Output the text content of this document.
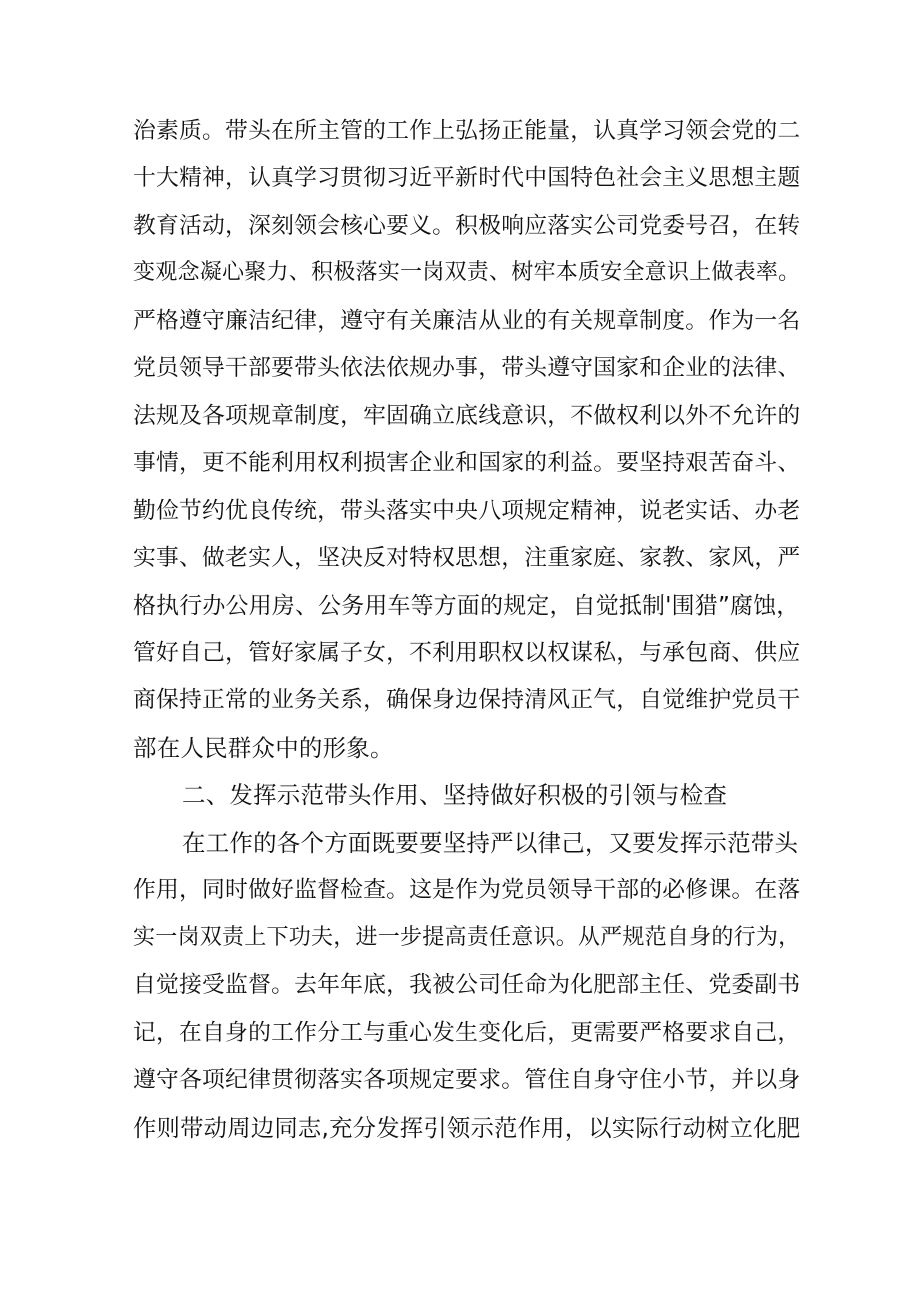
治素质。带头在所主管的工作上弘扬正能量，认真学习领会党的二
十大精神，认真学习贯彻习近平新时代中国特色社会主义思想主题
教育活动，深刻领会核心要义。积极响应落实公司党委号召，在转
变观念凝心聚力、积极落实一岗双责、树牢本质安全意识上做表率。
严格遵守廉洁纪律，遵守有关廉洁从业的有关规章制度。作为一名
党员领导干部要带头依法依规办事，带头遵守国家和企业的法律、
法规及各项规章制度，牢固确立底线意识，不做权利以外不允许的
事情，更不能利用权利损害企业和国家的利益。要坚持艰苦奋斗、
勤俭节约优良传统，带头落实中央八项规定精神，说老实话、办老
实事、做老实人，坚决反对特权思想，注重家庭、家教、家风，严
格执行办公用房、公务用车等方面的规定，自觉抵制'围猎”腐蚀，
管好自己，管好家属子女，不利用职权以权谋私，与承包商、供应
商保持正常的业务关系，确保身边保持清风正气，自觉维护党员干
部在人民群众中的形象。
二、发挥示范带头作用、坚持做好积极的引领与检查
在工作的各个方面既要要坚持严以律己，又要发挥示范带头
作用，同时做好监督检查。这是作为党员领导干部的必修课。在落
实一岗双责上下功夫，进一步提高责任意识。从严规范自身的行为，
自觉接受监督。去年年底，我被公司任命为化肥部主任、党委副书
记，在自身的工作分工与重心发生变化后，更需要严格要求自己，
遵守各项纪律贯彻落实各项规定要求。管住自身守住小节，并以身
作则带动周边同志,充分发挥引领示范作用，以实际行动树立化肥
